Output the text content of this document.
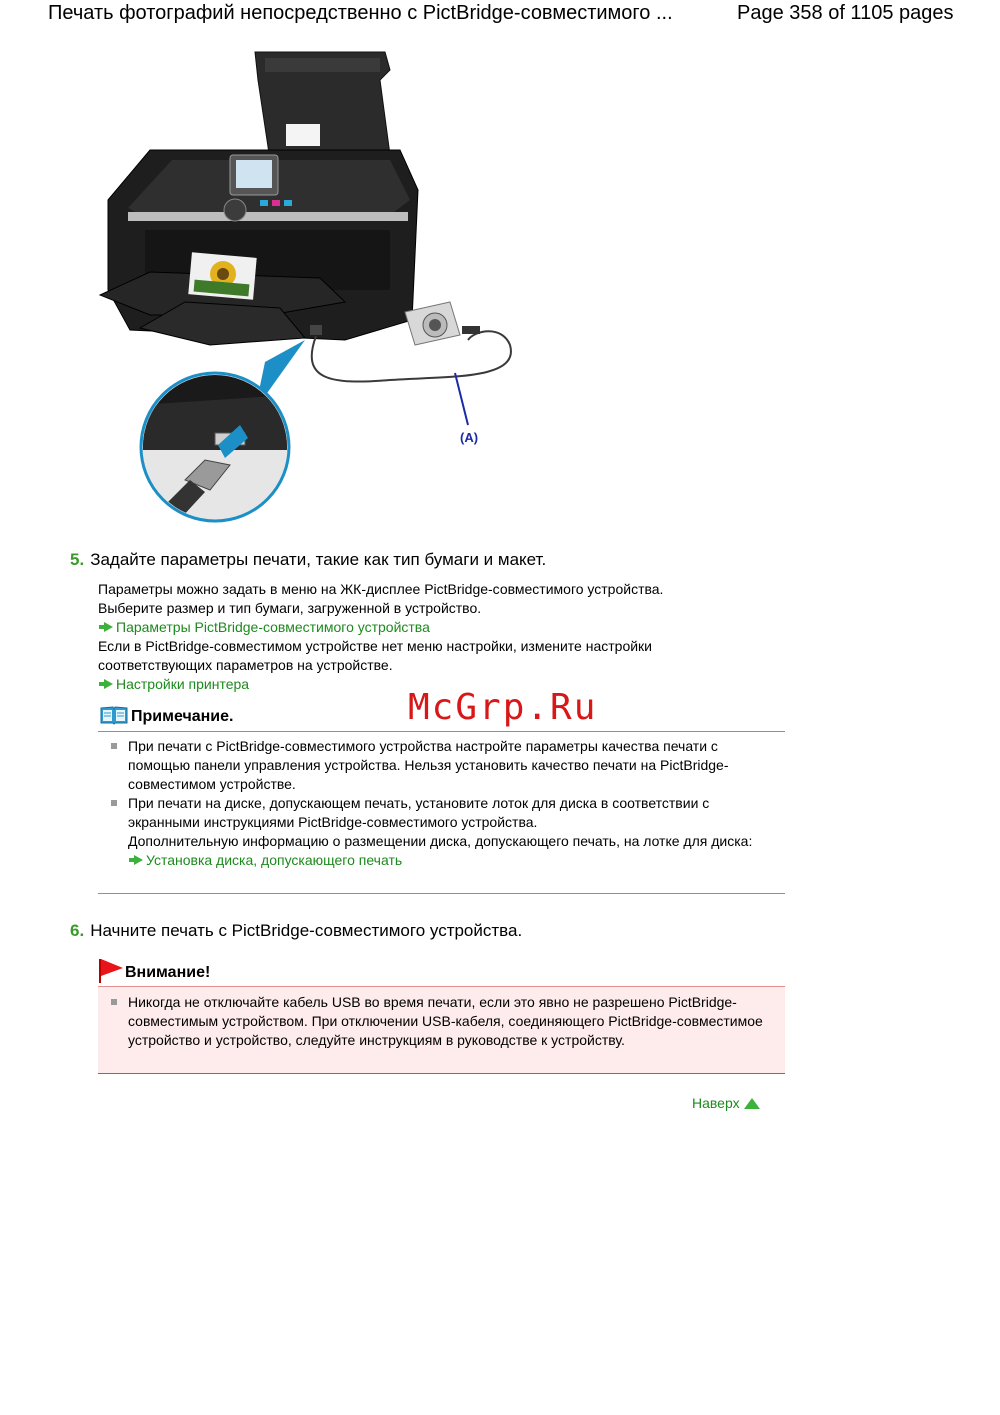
Печать фотографий непосредственно с PictBridge-совместимого ...	Page 358 of 1105 pages
(A)
5. Задайте параметры печати, такие как тип бумаги и макет.
Параметры можно задать в меню на ЖК-дисплее PictBridge-совместимого устройства.
Выберите размер и тип бумаги, загруженной в устройство.
Параметры PictBridge-совместимого устройства
Если в PictBridge-совместимом устройстве нет меню настройки, измените настройки
соответствующих параметров на устройстве.
Настройки принтера
McGrp.Ru
Примечание.
При печати с PictBridge-совместимого устройства настройте параметры качества печати с помощью панели управления устройства. Нельзя установить качество печати на PictBridge-совместимом устройстве.
При печати на диске, допускающем печать, установите лоток для диска в соответствии с экранными инструкциями PictBridge-совместимого устройства.
Дополнительную информацию о размещении диска, допускающего печать, на лотке для диска:
Установка диска, допускающего печать
6. Начните печать с PictBridge-совместимого устройства.
Внимание!
Никогда не отключайте кабель USB во время печати, если это явно не разрешено PictBridge-совместимым устройством. При отключении USB-кабеля, соединяющего PictBridge-совместимое устройство и устройство, следуйте инструкциям в руководстве к устройству.
Наверх
